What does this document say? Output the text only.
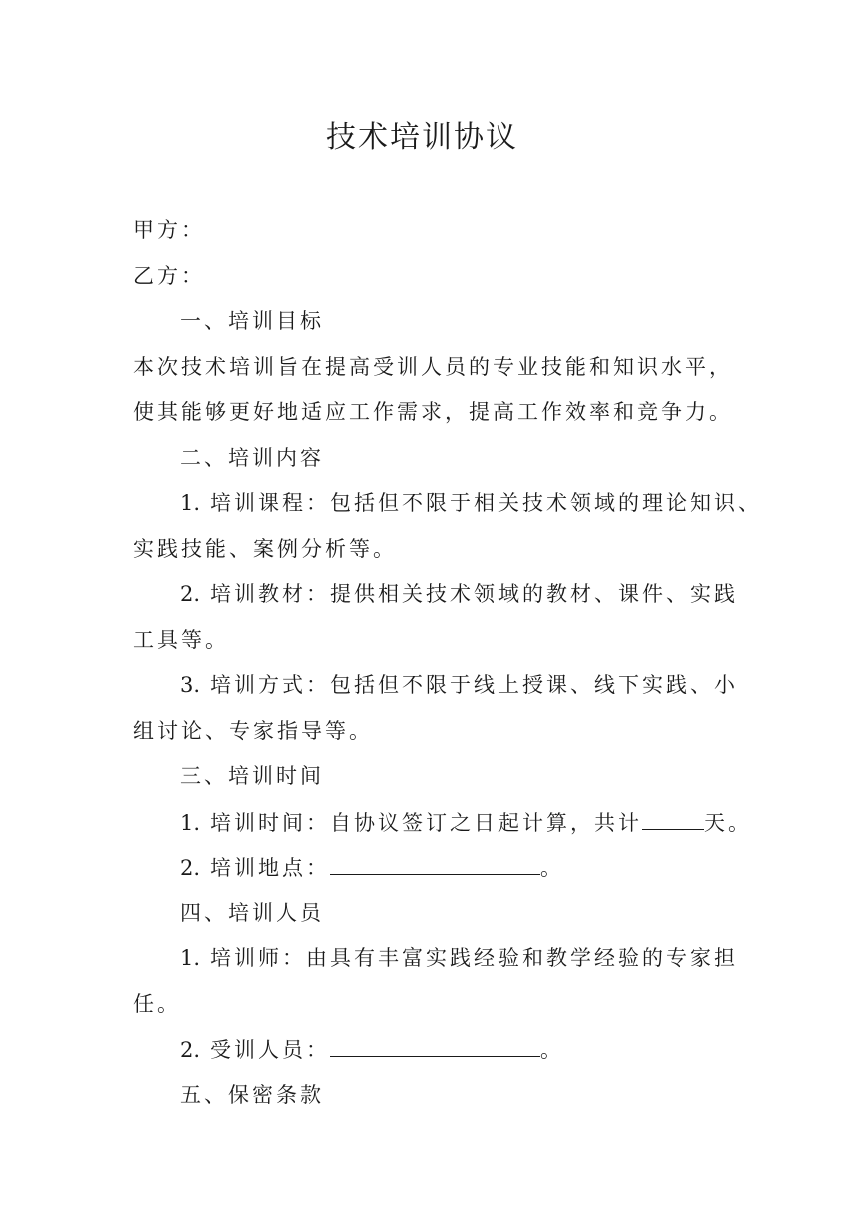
技术培训协议
甲方：
乙方：
一、培训目标
本次技术培训旨在提高受训人员的专业技能和知识水平，
使其能够更好地适应工作需求，提高工作效率和竞争力。
二、培训内容
1. 培训课程：包括但不限于相关技术领域的理论知识、
实践技能、案例分析等。
2. 培训教材：提供相关技术领域的教材、课件、实践
工具等。
3. 培训方式：包括但不限于线上授课、线下实践、小
组讨论、专家指导等。
三、培训时间
1. 培训时间：自协议签订之日起计算，共计	天。
2. 培训地点：	。
四、培训人员
1. 培训师：由具有丰富实践经验和教学经验的专家担
任。
2. 受训人员：	。
五、保密条款
